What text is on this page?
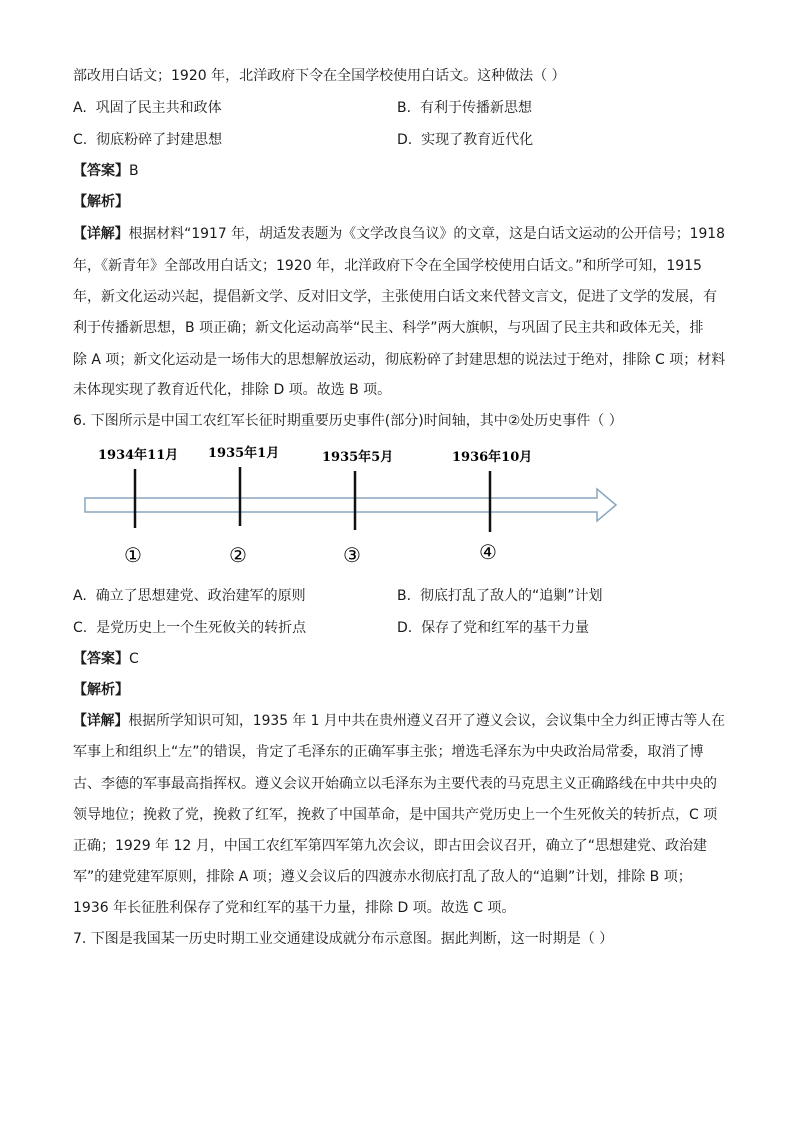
部改用白话文；1920 年，北洋政府下令在全国学校使用白话文。这种做法（ ）
A. 巩固了民主共和政体	B. 有利于传播新思想
C. 彻底粉碎了封建思想	D. 实现了教育近代化
【答案】B
【解析】
【详解】根据材料“1917 年，胡适发表题为《文学改良刍议》的文章，这是白话文运动的公开信号；1918
年，《新青年》全部改用白话文；1920 年，北洋政府下令在全国学校使用白话文。”和所学可知，1915
年，新文化运动兴起，提倡新文学、反对旧文学，主张使用白话文来代替文言文，促进了文学的发展，有
利于传播新思想，B 项正确；新文化运动高举“民主、科学”两大旗帜，与巩固了民主共和政体无关，排
除 A 项；新文化运动是一场伟大的思想解放运动，彻底粉碎了封建思想的说法过于绝对，排除 C 项；材料
未体现实现了教育近代化，排除 D 项。故选 B 项。
6. 下图所示是中国工农红军长征时期重要历史事件(部分)时间轴，其中②处历史事件（ ）
1934年11月 1935年1月	1935年5月	1936年10月
①	②	③	④
A. 确立了思想建党、政治建军的原则	B. 彻底打乱了敌人的“追剿”计划
C. 是党历史上一个生死攸关的转折点	D. 保存了党和红军的基干力量
【答案】C
【解析】
【详解】根据所学知识可知，1935 年 1 月中共在贵州遵义召开了遵义会议，会议集中全力纠正博古等人在
军事上和组织上“左”的错误，肯定了毛泽东的正确军事主张；增选毛泽东为中央政治局常委，取消了博
古、李德的军事最高指挥权。遵义会议开始确立以毛泽东为主要代表的马克思主义正确路线在中共中央的
领导地位；挽救了党，挽救了红军，挽救了中国革命，是中国共产党历史上一个生死攸关的转折点，C 项
正确；1929 年 12 月，中国工农红军第四军第九次会议，即古田会议召开，确立了“思想建党、政治建
军”的建党建军原则，排除 A 项；遵义会议后的四渡赤水彻底打乱了敌人的“追剿”计划，排除 B 项；
1936 年长征胜利保存了党和红军的基干力量，排除 D 项。故选 C 项。
7. 下图是我国某一历史时期工业交通建设成就分布示意图。据此判断，这一时期是（ ）
